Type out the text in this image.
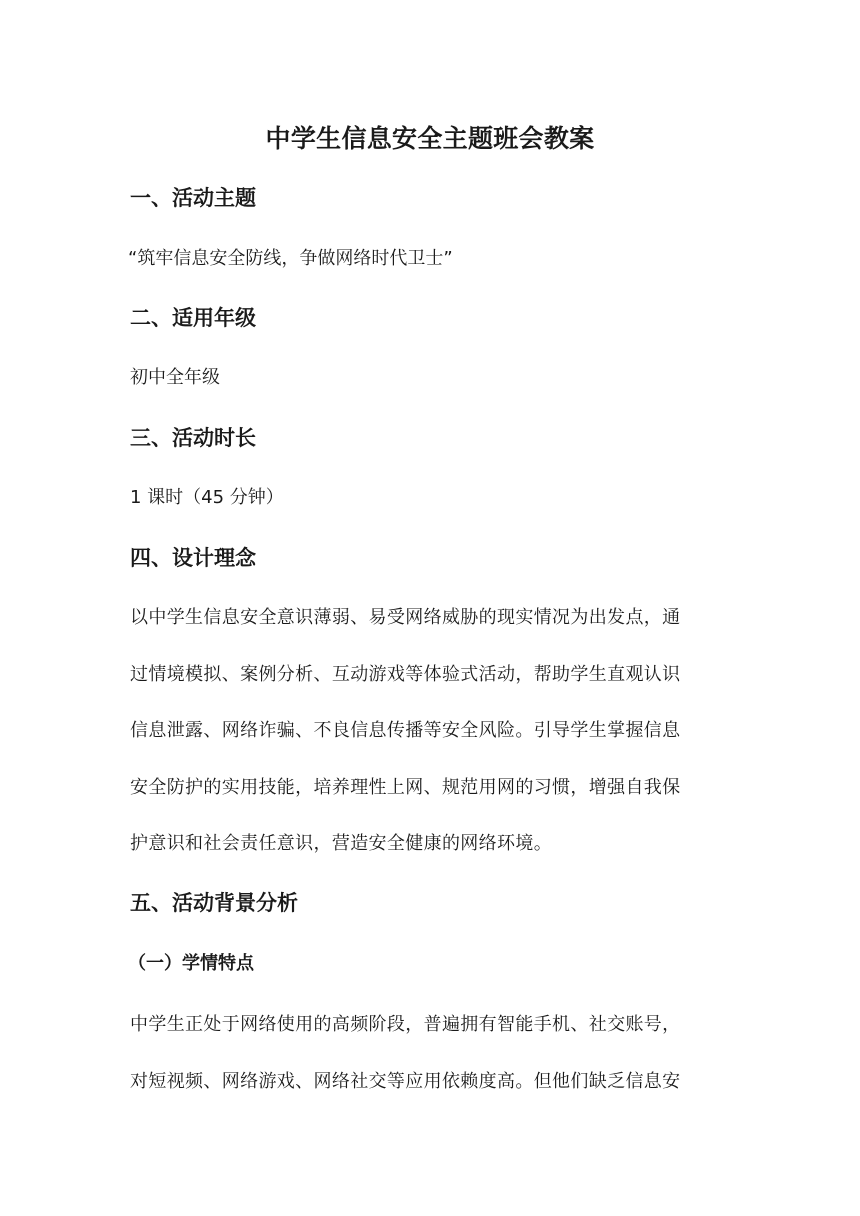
中学生信息安全主题班会教案
一、活动主题
“筑牢信息安全防线，争做网络时代卫士”
二、适用年级
初中全年级
三、活动时长
1 课时（45 分钟）
四、设计理念
以中学生信息安全意识薄弱、易受网络威胁的现实情况为出发点，通
过情境模拟、案例分析、互动游戏等体验式活动，帮助学生直观认识
信息泄露、网络诈骗、不良信息传播等安全风险。引导学生掌握信息
安全防护的实用技能，培养理性上网、规范用网的习惯，增强自我保
护意识和社会责任意识，营造安全健康的网络环境。
五、活动背景分析
（一）学情特点
中学生正处于网络使用的高频阶段，普遍拥有智能手机、社交账号，
对短视频、网络游戏、网络社交等应用依赖度高。但他们缺乏信息安
